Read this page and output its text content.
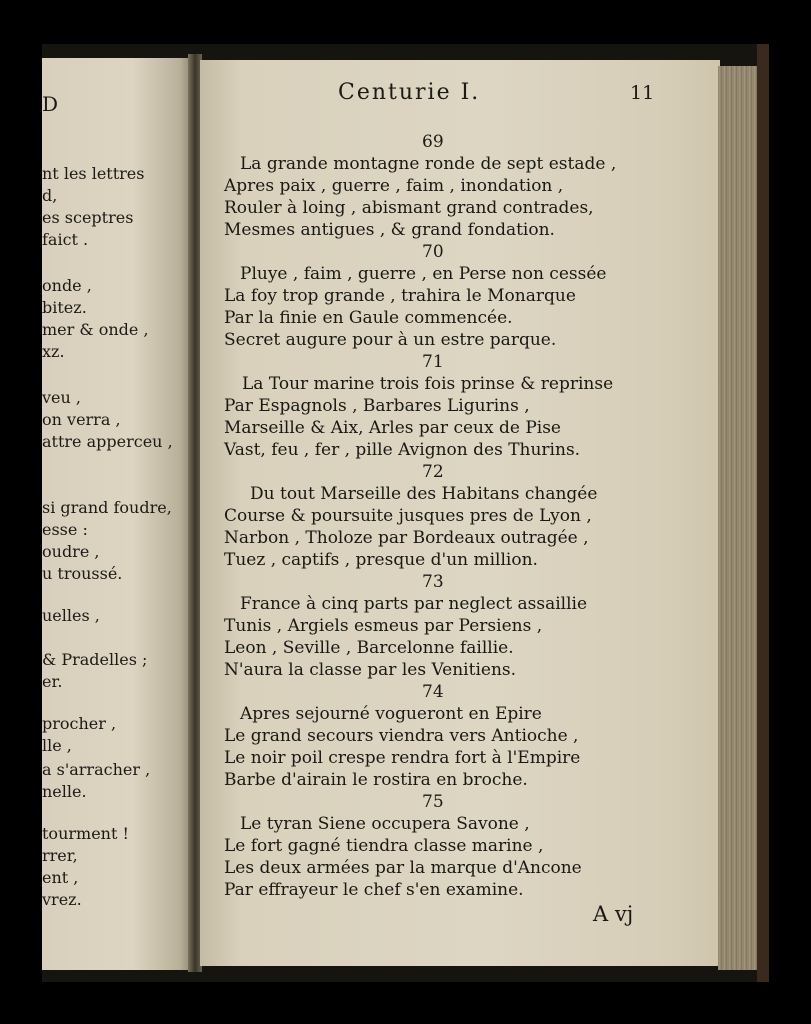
D
nt les lettres
d,
es sceptres
faict .
onde ,
bitez.
mer & onde ,
xz.
veu ,
on verra ,
attre apperceu ,
si grand foudre,
esse :
oudre ,
u troussé.
uelles ,
& Pradelles ;
er.
procher ,
lle ,
a s'arracher ,
nelle.
tourment !
rrer,
ent ,
vrez.
Centurie I.	11
69
La grande montagne ronde de sept estade ,
Apres paix , guerre , faim , inondation ,
Rouler à loing , abismant grand contrades,
Mesmes antigues , & grand fondation.
70
Pluye , faim , guerre , en Perse non cessée
La foy trop grande , trahira le Monarque
Par la finie en Gaule commencée.
Secret augure pour à un estre parque.
71
La Tour marine trois fois prinse & reprinse
Par Espagnols , Barbares Ligurins ,
Marseille & Aix, Arles par ceux de Pise
Vast, feu , fer , pille Avignon des Thurins.
72
Du tout Marseille des Habitans changée
Course & poursuite jusques pres de Lyon ,
Narbon , Tholoze par Bordeaux outragée ,
Tuez , captifs , presque d'un million.
73
France à cinq parts par neglect assaillie
Tunis , Argiels esmeus par Persiens ,
Leon , Seville , Barcelonne faillie.
N'aura la classe par les Venitiens.
74
Apres sejourné vogueront en Epire
Le grand secours viendra vers Antioche ,
Le noir poil crespe rendra fort à l'Empire
Barbe d'airain le rostira en broche.
75
Le tyran Siene occupera Savone ,
Le fort gagné tiendra classe marine ,
Les deux armées par la marque d'Ancone
Par effrayeur le chef s'en examine.
A vj
